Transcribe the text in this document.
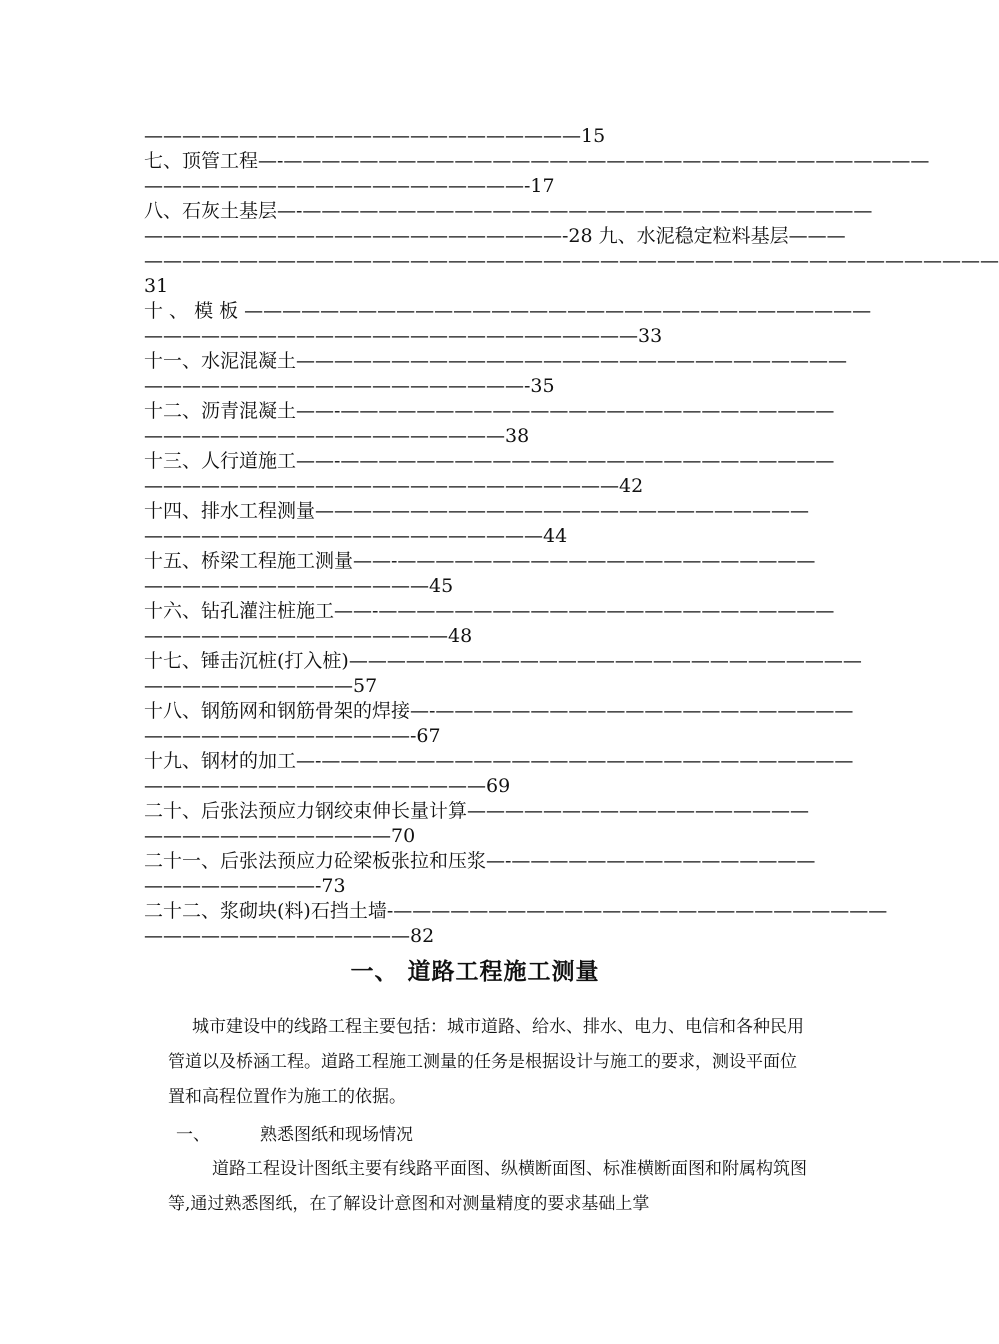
———————————————————————15
七、顶管工程—-——————————————————————————————————
————————————————————-17
八、石灰土基层—-——————————————————————————————
——————————————————————-28 九、水泥稳定粒料基层———
—————————————————————————————————————————————
31
十 、 模 板 —————————————————————————————————
——————————————————————————33
十一、水泥混凝土—————————————————————————————
————————————————————-35
十二、沥青混凝土——-——————————————————————————
———————————————————38
十三、人行道施工——-——————————————————————————
—————————————————————————42
十四、排水工程测量——————————————————————————
—————————————————————44
十五、桥梁工程施工测量——-——————————————————————
———————————————45
十六、钻孔灌注桩施工——-————————————————————————
————————————————48
十七、锤击沉桩(打入桩)———————————————————————————
———————————57
十八、钢筋网和钢筋骨架的焊接—-——————————————————————
——————————————-67
十九、钢材的加工—-————————————————————————————
——————————————————69
二十、后张法预应力钢绞束伸长量计算——————————————————
—————————————70
二十一、后张法预应力砼梁板张拉和压浆—-————————————————
—————————-73
二十二、浆砌块(料)石挡土墙-——————————————————————————
——————————————82
一、 道路工程施工测量
城市建设中的线路工程主要包括：城市道路、给水、排水、电力、电信和各种民用管道以及桥涵工程。道路工程施工测量的任务是根据设计与施工的要求，测设平面位置和高程位置作为施工的依据。
一、	熟悉图纸和现场情况
道路工程设计图纸主要有线路平面图、纵横断面图、标准横断面图和附属构筑图等,通过熟悉图纸，在了解设计意图和对测量精度的要求基础上掌
